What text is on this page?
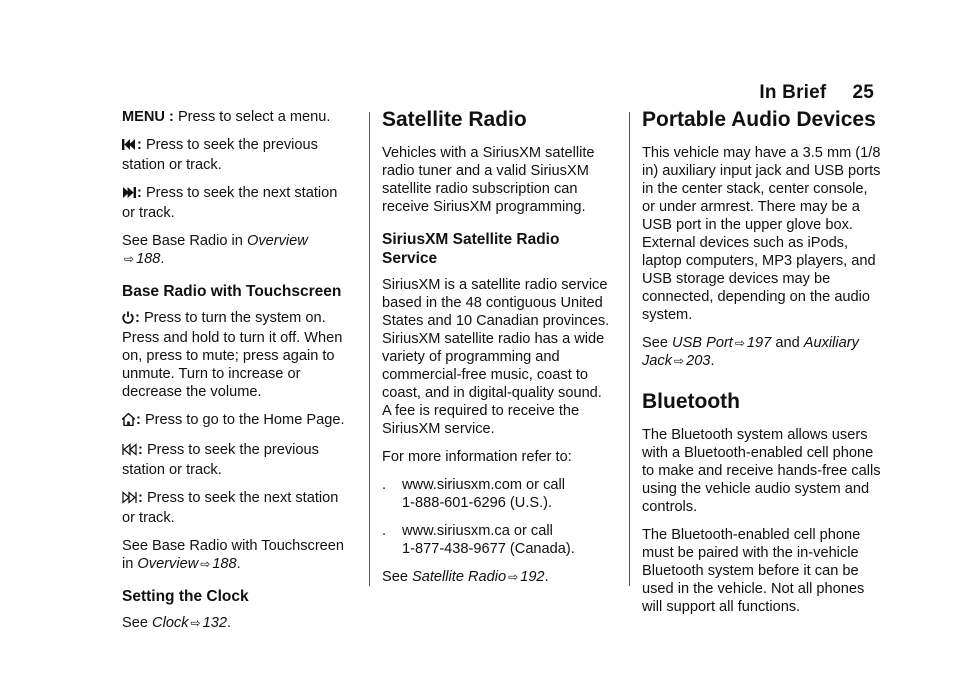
In Brief 25

MENU : Press to select a menu.

: Press to seek the previous station or track.

: Press to seek the next station or track.

See Base Radio in Overview
⇨ 188.

Base Radio with Touchscreen

: Press to turn the system on. Press and hold to turn it off. When on, press to mute; press again to unmute. Turn to increase or decrease the volume.

: Press to go to the Home Page.

: Press to seek the previous station or track.

: Press to seek the next station or track.

See Base Radio with Touchscreen
in Overview ⇨ 188.

Setting the Clock

See Clock ⇨ 132.

Satellite Radio

Vehicles with a SiriusXM satellite radio tuner and a valid SiriusXM satellite radio subscription can receive SiriusXM programming.

SiriusXM Satellite Radio Service

SiriusXM is a satellite radio service based in the 48 contiguous United States and 10 Canadian provinces. SiriusXM satellite radio has a wide variety of programming and commercial-free music, coast to coast, and in digital-quality sound. A fee is required to receive the SiriusXM service.

For more information refer to:

.	www.siriusxm.com or call
1-888-601-6296 (U.S.).
.	www.siriusxm.ca or call
1-877-438-9677 (Canada).

See Satellite Radio ⇨ 192.

Portable Audio Devices

This vehicle may have a 3.5 mm (1/8 in) auxiliary input jack and USB ports in the center stack, center console, or under armrest. There may be a USB port in the upper glove box. External devices such as iPods, laptop computers, MP3 players, and USB storage devices may be connected, depending on the audio system.

See USB Port ⇨ 197 and Auxiliary Jack ⇨ 203.

Bluetooth

The Bluetooth system allows users with a Bluetooth-enabled cell phone to make and receive hands-free calls using the vehicle audio system and controls.

The Bluetooth-enabled cell phone must be paired with the in-vehicle Bluetooth system before it can be used in the vehicle. Not all phones will support all functions.
